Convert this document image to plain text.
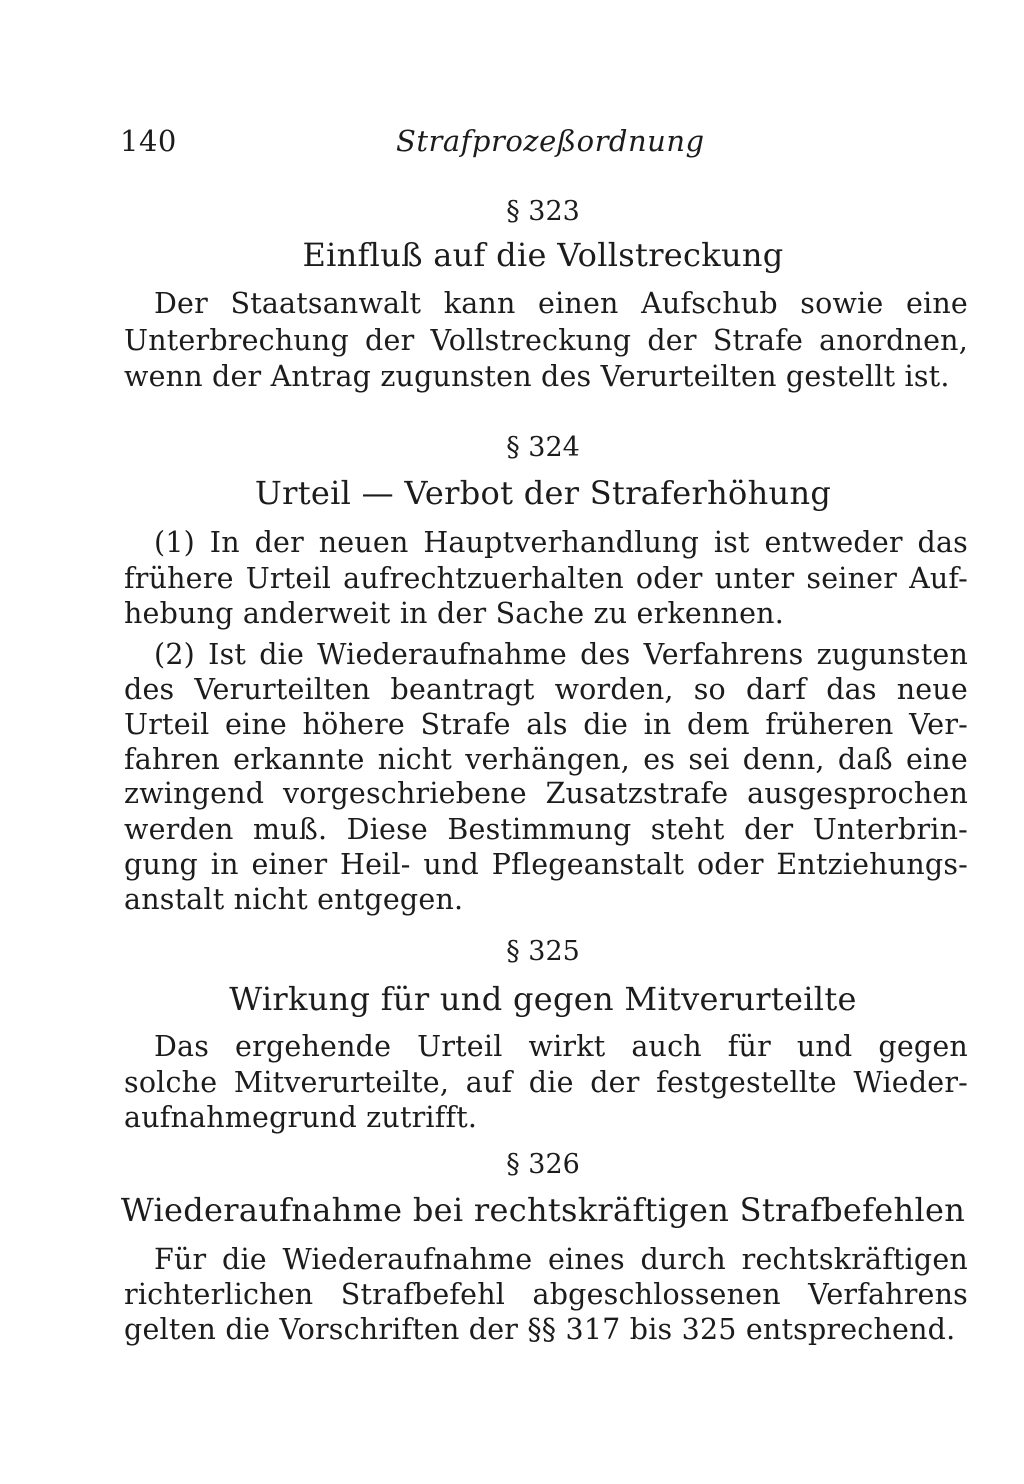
140	Strafprozeßordnung
§ 323
Einfluß auf die Vollstreckung
Der Staatsanwalt kann einen Aufschub sowie eine
Unterbrechung der Vollstreckung der Strafe anordnen,
wenn der Antrag zugunsten des Verurteilten gestellt ist.
§ 324
Urteil — Verbot der Straferhöhung
(1) In der neuen Hauptverhandlung ist entweder das
frühere Urteil aufrechtzuerhalten oder unter seiner Auf-
hebung anderweit in der Sache zu erkennen.
(2) Ist die Wiederaufnahme des Verfahrens zugunsten
des Verurteilten beantragt worden, so darf das neue
Urteil eine höhere Strafe als die in dem früheren Ver-
fahren erkannte nicht verhängen, es sei denn, daß eine
zwingend vorgeschriebene Zusatzstrafe ausgesprochen
werden muß. Diese Bestimmung steht der Unterbrin-
gung in einer Heil- und Pflegeanstalt oder Entziehungs-
anstalt nicht entgegen.
§ 325
Wirkung für und gegen Mitverurteilte
Das ergehende Urteil wirkt auch für und gegen
solche Mitverurteilte, auf die der festgestellte Wieder-
aufnahmegrund zutrifft.
§ 326
Wiederaufnahme bei rechtskräftigen Strafbefehlen
Für die Wiederaufnahme eines durch rechtskräftigen
richterlichen Strafbefehl abgeschlossenen Verfahrens
gelten die Vorschriften der §§ 317 bis 325 entsprechend.
